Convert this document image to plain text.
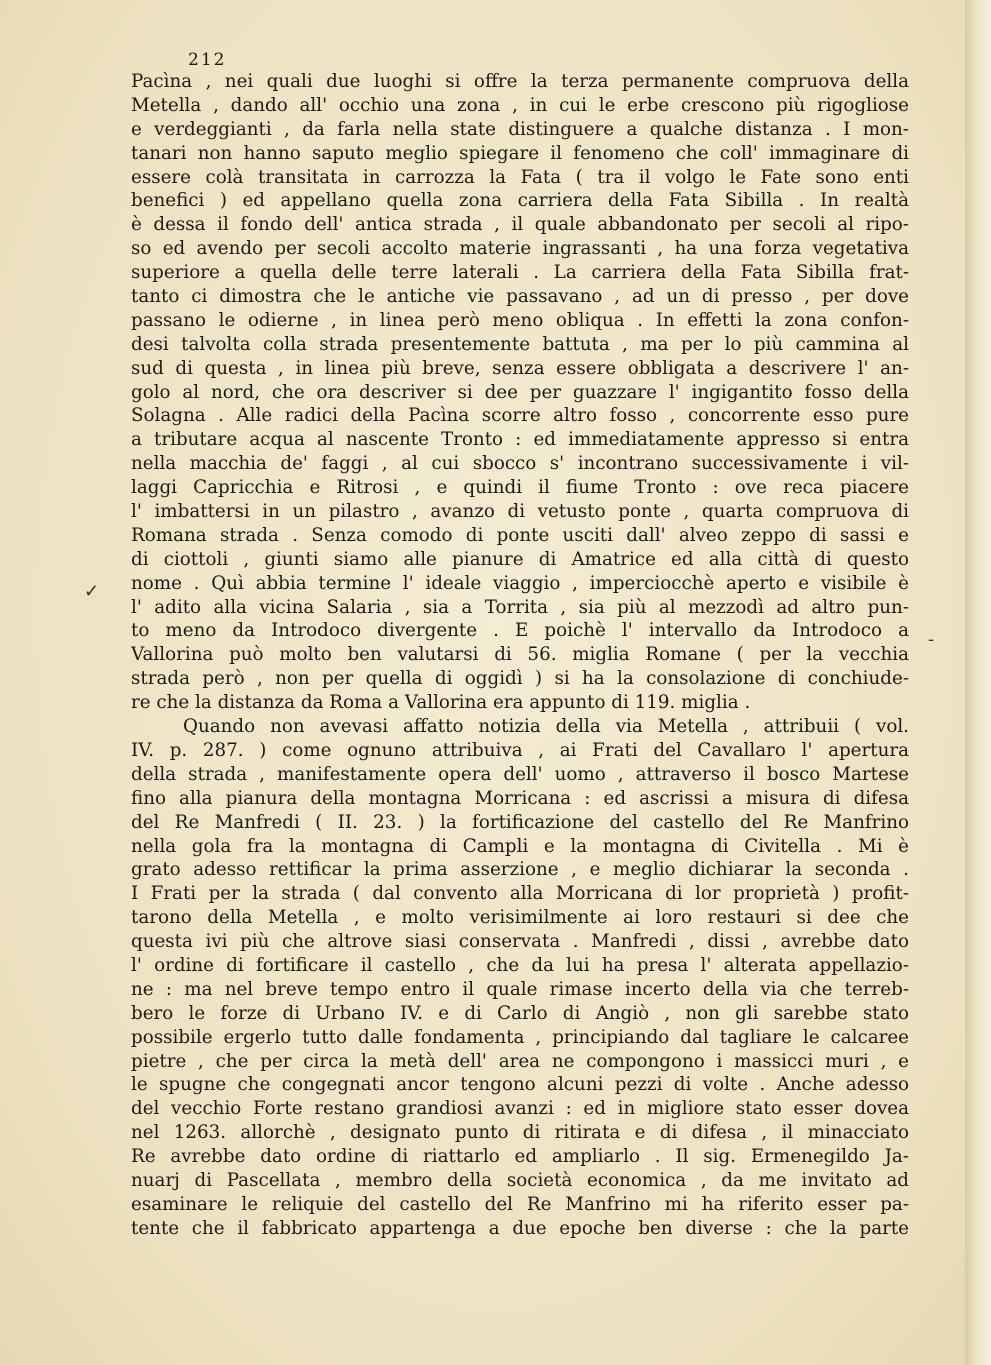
212
✓
-
Pacìna , nei quali due luoghi si offre la terza permanente compruova della
Metella , dando all' occhio una zona , in cui le erbe crescono più rigogliose
e verdeggianti , da farla nella state distinguere a qualche distanza . I mon-
tanari non hanno saputo meglio spiegare il fenomeno che coll' immaginare di
essere colà transitata in carrozza la Fata ( tra il volgo le Fate sono enti
benefici ) ed appellano quella zona carriera della Fata Sibilla . In realtà
è dessa il fondo dell' antica strada , il quale abbandonato per secoli al ripo-
so ed avendo per secoli accolto materie ingrassanti , ha una forza vegetativa
superiore a quella delle terre laterali . La carriera della Fata Sibilla frat-
tanto ci dimostra che le antiche vie passavano , ad un di presso , per dove
passano le odierne , in linea però meno obliqua . In effetti la zona confon-
desi talvolta colla strada presentemente battuta , ma per lo più cammina al
sud di questa , in linea più breve, senza essere obbligata a descrivere l' an-
golo al nord, che ora descriver si dee per guazzare l' ingigantito fosso della
Solagna . Alle radici della Pacìna scorre altro fosso , concorrente esso pure
a tributare acqua al nascente Tronto : ed immediatamente appresso si entra
nella macchia de' faggi , al cui sbocco s' incontrano successivamente i vil-
laggi Capricchia e Ritrosi , e quindi il fiume Tronto : ove reca piacere
l' imbattersi in un pilastro , avanzo di vetusto ponte , quarta compruova di
Romana strada . Senza comodo di ponte usciti dall' alveo zeppo di sassi e
di ciottoli , giunti siamo alle pianure di Amatrice ed alla città di questo
nome . Quì abbia termine l' ideale viaggio , imperciocchè aperto e visibile è
l' adito alla vicina Salaria , sia a Torrita , sia più al mezzodì ad altro pun-
to meno da Introdoco divergente . E poichè l' intervallo da Introdoco a
Vallorina può molto ben valutarsi di 56. miglia Romane ( per la vecchia
strada però , non per quella di oggidì ) si ha la consolazione di conchiude-
re che la distanza da Roma a Vallorina era appunto di 119. miglia .
Quando non avevasi affatto notizia della via Metella , attribuii ( vol.
IV. p. 287. ) come ognuno attribuiva , ai Frati del Cavallaro l' apertura
della strada , manifestamente opera dell' uomo , attraverso il bosco Martese
fino alla pianura della montagna Morricana : ed ascrissi a misura di difesa
del Re Manfredi ( II. 23. ) la fortificazione del castello del Re Manfrino
nella gola fra la montagna di Campli e la montagna di Civitella . Mi è
grato adesso rettificar la prima asserzione , e meglio dichiarar la seconda .
I Frati per la strada ( dal convento alla Morricana di lor proprietà ) profit-
tarono della Metella , e molto verisimilmente ai loro restauri si dee che
questa ivi più che altrove siasi conservata . Manfredi , dissi , avrebbe dato
l' ordine di fortificare il castello , che da lui ha presa l' alterata appellazio-
ne : ma nel breve tempo entro il quale rimase incerto della via che terreb-
bero le forze di Urbano IV. e di Carlo di Angiò , non gli sarebbe stato
possibile ergerlo tutto dalle fondamenta , principiando dal tagliare le calcaree
pietre , che per circa la metà dell' area ne compongono i massicci muri , e
le spugne che congegnati ancor tengono alcuni pezzi di volte . Anche adesso
del vecchio Forte restano grandiosi avanzi : ed in migliore stato esser dovea
nel 1263. allorchè , designato punto di ritirata e di difesa , il minacciato
Re avrebbe dato ordine di riattarlo ed ampliarlo . Il sig. Ermenegildo Ja-
nuarj di Pascellata , membro della società economica , da me invitato ad
esaminare le reliquie del castello del Re Manfrino mi ha riferito esser pa-
tente che il fabbricato appartenga a due epoche ben diverse : che la parte
